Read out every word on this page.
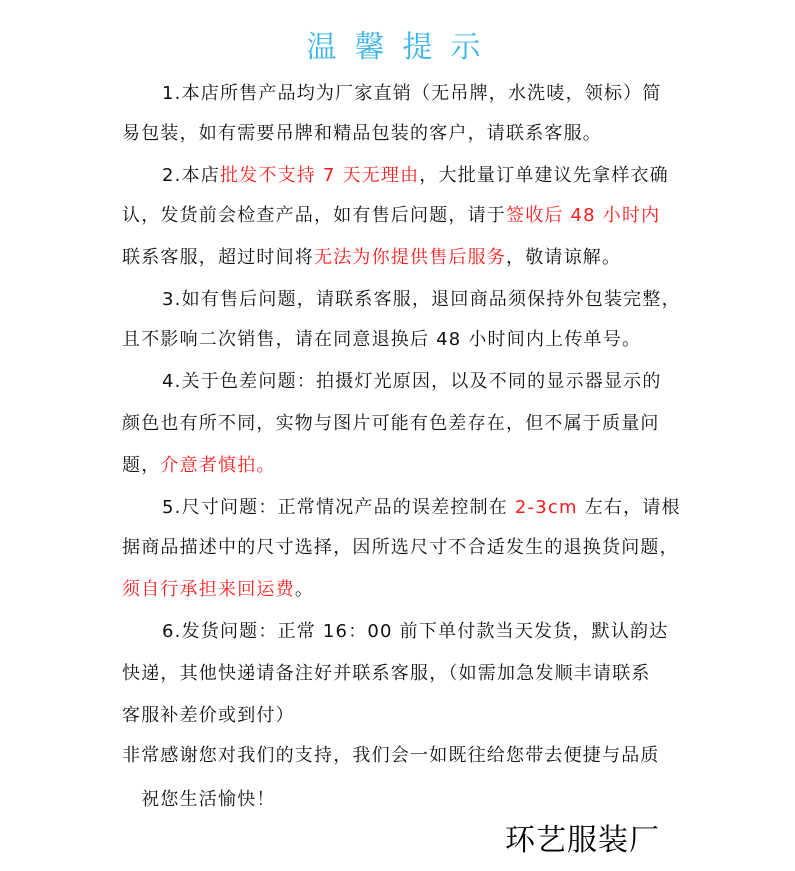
温馨提示
1.本店所售产品均为厂家直销（无吊牌，水洗唛，领标）简
易包装，如有需要吊牌和精品包装的客户，请联系客服。
2.本店批发不支持 7 天无理由，大批量订单建议先拿样衣确
认，发货前会检查产品，如有售后问题，请于签收后 48 小时内
联系客服，超过时间将无法为你提供售后服务，敬请谅解。
3.如有售后问题，请联系客服，退回商品须保持外包装完整，
且不影响二次销售，请在同意退换后 48 小时间内上传单号。
4.关于色差问题：拍摄灯光原因，以及不同的显示器显示的
颜色也有所不同，实物与图片可能有色差存在，但不属于质量问
题，介意者慎拍。
5.尺寸问题：正常情况产品的误差控制在 2-3cm 左右，请根
据商品描述中的尺寸选择，因所选尺寸不合适发生的退换货问题，
须自行承担来回运费。
6.发货问题：正常 16：00 前下单付款当天发货，默认韵达
快递，其他快递请备注好并联系客服，（如需加急发顺丰请联系
客服补差价或到付）
非常感谢您对我们的支持，我们会一如既往给您带去便捷与品质
　祝您生活愉快！
环艺服装厂
